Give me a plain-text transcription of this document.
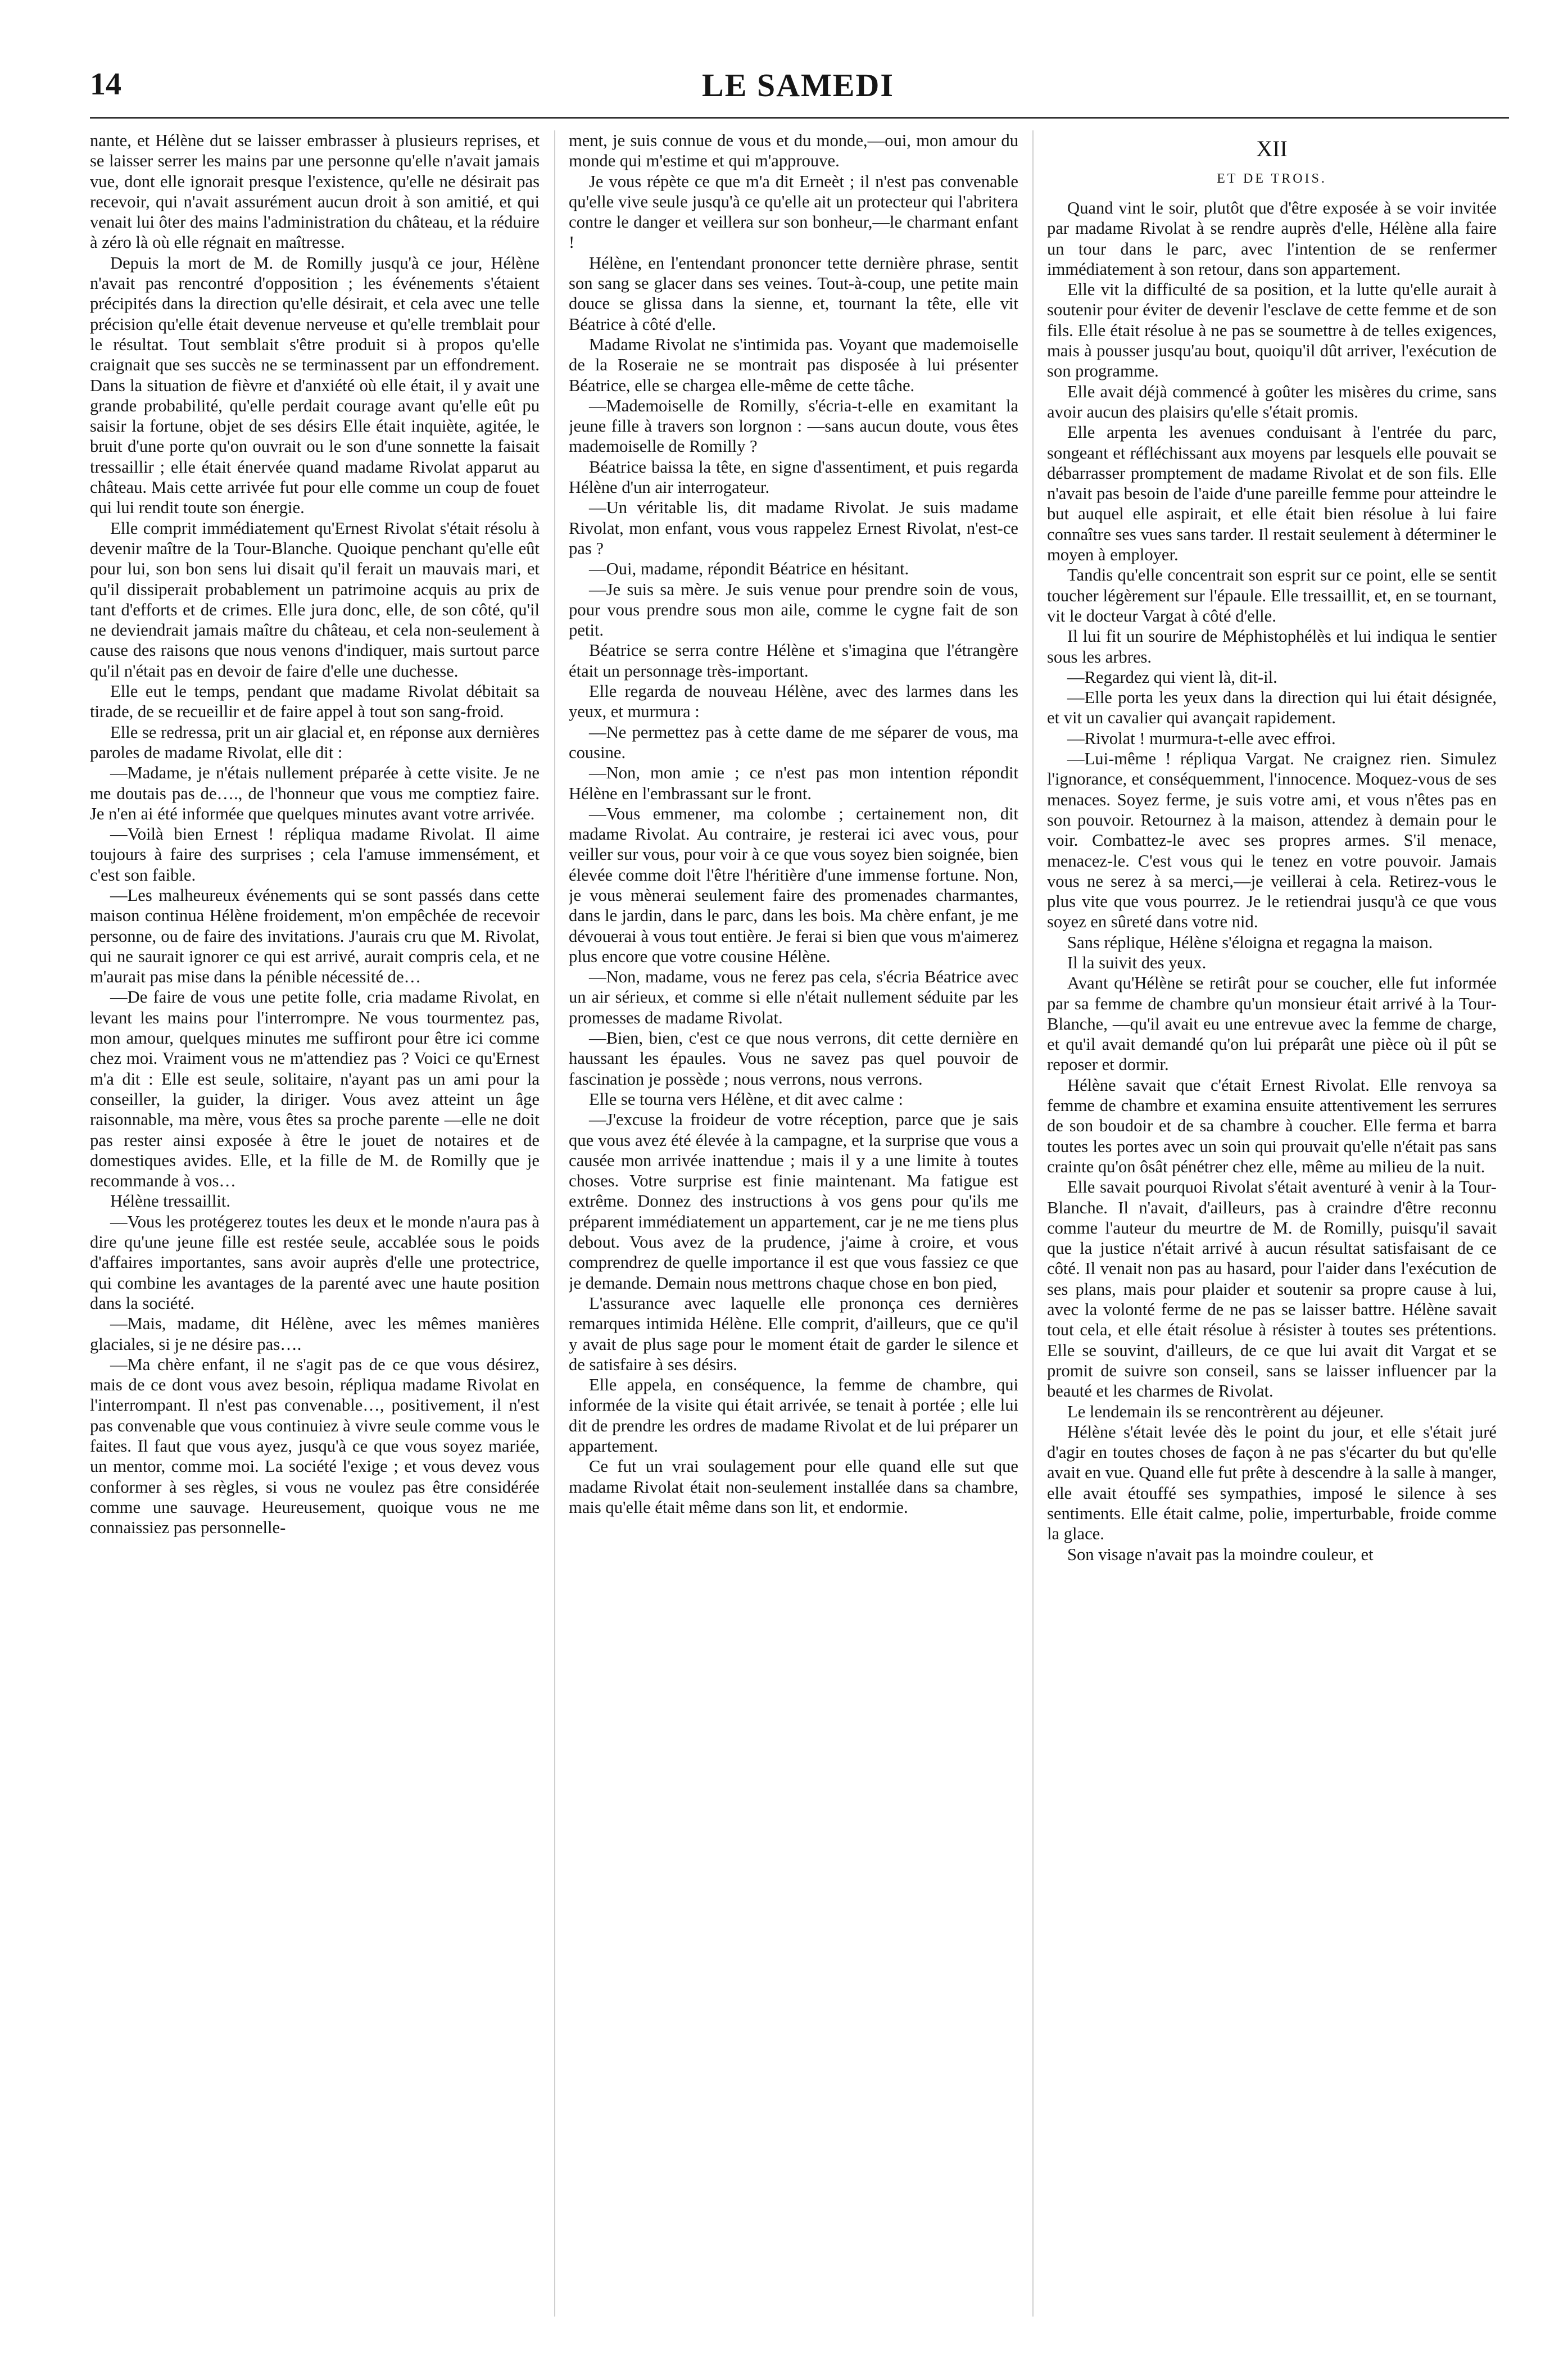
14	LE SAMEDI

nante, et Hélène dut se laisser embrasser à plusieurs reprises, et se laisser serrer les mains par une personne qu'elle n'avait jamais vue, dont elle ignorait presque l'existence, qu'elle ne désirait pas recevoir, qui n'avait assurément aucun droit à son amitié, et qui venait lui ôter des mains l'administration du château, et la réduire à zéro là où elle régnait en maîtresse.

Depuis la mort de M. de Romilly jusqu'à ce jour, Hélène n'avait pas rencontré d'opposition ; les événements s'étaient précipités dans la direction qu'elle désirait, et cela avec une telle précision qu'elle était devenue nerveuse et qu'elle tremblait pour le résultat. Tout semblait s'être produit si à propos qu'elle craignait que ses succès ne se terminassent par un effondrement. Dans la situation de fièvre et d'anxiété où elle était, il y avait une grande probabilité, qu'elle perdait courage avant qu'elle eût pu saisir la fortune, objet de ses désirs Elle était inquiète, agitée, le bruit d'une porte qu'on ouvrait ou le son d'une sonnette la faisait tressaillir ; elle était énervée quand madame Rivolat apparut au château. Mais cette arrivée fut pour elle comme un coup de fouet qui lui rendit toute son énergie.

Elle comprit immédiatement qu'Ernest Rivolat s'était résolu à devenir maître de la Tour-Blanche. Quoique penchant qu'elle eût pour lui, son bon sens lui disait qu'il ferait un mauvais mari, et qu'il dissiperait probablement un patrimoine acquis au prix de tant d'efforts et de crimes. Elle jura donc, elle, de son côté, qu'il ne deviendrait jamais maître du château, et cela non-seulement à cause des raisons que nous venons d'indiquer, mais surtout parce qu'il n'était pas en devoir de faire d'elle une duchesse.

Elle eut le temps, pendant que madame Rivolat débitait sa tirade, de se recueillir et de faire appel à tout son sang-froid.

Elle se redressa, prit un air glacial et, en réponse aux dernières paroles de madame Rivolat, elle dit :

—Madame, je n'étais nullement préparée à cette visite. Je ne me doutais pas de…., de l'honneur que vous me comptiez faire. Je n'en ai été informée que quelques minutes avant votre arrivée.

—Voilà bien Ernest ! répliqua madame Rivolat. Il aime toujours à faire des surprises ; cela l'amuse immensément, et c'est son faible.

—Les malheureux événements qui se sont passés dans cette maison continua Hélène froidement, m'on empêchée de recevoir personne, ou de faire des invitations. J'aurais cru que M. Rivolat, qui ne saurait ignorer ce qui est arrivé, aurait compris cela, et ne m'aurait pas mise dans la pénible nécessité de…

—De faire de vous une petite folle, cria madame Rivolat, en levant les mains pour l'interrompre. Ne vous tourmentez pas, mon amour, quelques minutes me suffiront pour être ici comme chez moi. Vraiment vous ne m'attendiez pas ? Voici ce qu'Ernest m'a dit : Elle est seule, solitaire, n'ayant pas un ami pour la conseiller, la guider, la diriger. Vous avez atteint un âge raisonnable, ma mère, vous êtes sa proche parente —elle ne doit pas rester ainsi exposée à être le jouet de notaires et de domestiques avides. Elle, et la fille de M. de Romilly que je recommande à vos…

Hélène tressaillit.

—Vous les protégerez toutes les deux et le monde n'aura pas à dire qu'une jeune fille est restée seule, accablée sous le poids d'affaires importantes, sans avoir auprès d'elle une protectrice, qui combine les avantages de la parenté avec une haute position dans la société.

—Mais, madame, dit Hélène, avec les mêmes manières glaciales, si je ne désire pas….

—Ma chère enfant, il ne s'agit pas de ce que vous désirez, mais de ce dont vous avez besoin, répliqua madame Rivolat en l'interrompant. Il n'est pas convenable…, positivement, il n'est pas convenable que vous continuiez à vivre seule comme vous le faites. Il faut que vous ayez, jusqu'à ce que vous soyez mariée, un mentor, comme moi. La société l'exige ; et vous devez vous conformer à ses règles, si vous ne voulez pas être considérée comme une sauvage. Heureusement, quoique vous ne me connaissiez pas personnelle-

ment, je suis connue de vous et du monde,—oui, mon amour du monde qui m'estime et qui m'approuve.

Je vous répète ce que m'a dit Erneèt ; il n'est pas convenable qu'elle vive seule jusqu'à ce qu'elle ait un protecteur qui l'abritera contre le danger et veillera sur son bonheur,—le charmant enfant !

Hélène, en l'entendant prononcer tette dernière phrase, sentit son sang se glacer dans ses veines. Tout-à-coup, une petite main douce se glissa dans la sienne, et, tournant la tête, elle vit Béatrice à côté d'elle.

Madame Rivolat ne s'intimida pas. Voyant que mademoiselle de la Roseraie ne se montrait pas disposée à lui présenter Béatrice, elle se chargea elle-même de cette tâche.

—Mademoiselle de Romilly, s'écria-t-elle en examitant la jeune fille à travers son lorgnon : —sans aucun doute, vous êtes mademoiselle de Romilly ?

Béatrice baissa la tête, en signe d'assentiment, et puis regarda Hélène d'un air interrogateur.

—Un véritable lis, dit madame Rivolat. Je suis madame Rivolat, mon enfant, vous vous rappelez Ernest Rivolat, n'est-ce pas ?

—Oui, madame, répondit Béatrice en hésitant.

—Je suis sa mère. Je suis venue pour prendre soin de vous, pour vous prendre sous mon aile, comme le cygne fait de son petit.

Béatrice se serra contre Hélène et s'imagina que l'étrangère était un personnage très-important.

Elle regarda de nouveau Hélène, avec des larmes dans les yeux, et murmura :

—Ne permettez pas à cette dame de me séparer de vous, ma cousine.

—Non, mon amie ; ce n'est pas mon intention répondit Hélène en l'embrassant sur le front.

—Vous emmener, ma colombe ; certainement non, dit madame Rivolat. Au contraire, je resterai ici avec vous, pour veiller sur vous, pour voir à ce que vous soyez bien soignée, bien élevée comme doit l'être l'héritière d'une immense fortune. Non, je vous mènerai seulement faire des promenades charmantes, dans le jardin, dans le parc, dans les bois. Ma chère enfant, je me dévouerai à vous tout entière. Je ferai si bien que vous m'aimerez plus encore que votre cousine Hélène.

—Non, madame, vous ne ferez pas cela, s'écria Béatrice avec un air sérieux, et comme si elle n'était nullement séduite par les promesses de madame Rivolat.

—Bien, bien, c'est ce que nous verrons, dit cette dernière en haussant les épaules. Vous ne savez pas quel pouvoir de fascination je possède ; nous verrons, nous verrons.

Elle se tourna vers Hélène, et dit avec calme :

—J'excuse la froideur de votre réception, parce que je sais que vous avez été élevée à la campagne, et la surprise que vous a causée mon arrivée inattendue ; mais il y a une limite à toutes choses. Votre surprise est finie maintenant. Ma fatigue est extrême. Donnez des instructions à vos gens pour qu'ils me préparent immédiatement un appartement, car je ne me tiens plus debout. Vous avez de la prudence, j'aime à croire, et vous comprendrez de quelle importance il est que vous fassiez ce que je demande. Demain nous mettrons chaque chose en bon pied,

L'assurance avec laquelle elle prononça ces dernières remarques intimida Hélène. Elle comprit, d'ailleurs, que ce qu'il y avait de plus sage pour le moment était de garder le silence et de satisfaire à ses désirs.

Elle appela, en conséquence, la femme de chambre, qui informée de la visite qui était arrivée, se tenait à portée ; elle lui dit de prendre les ordres de madame Rivolat et de lui préparer un appartement.

Ce fut un vrai soulagement pour elle quand elle sut que madame Rivolat était non-seulement installée dans sa chambre, mais qu'elle était même dans son lit, et endormie.

XII
ET DE TROIS.

Quand vint le soir, plutôt que d'être exposée à se voir invitée par madame Rivolat à se rendre auprès d'elle, Hélène alla faire un tour dans le parc, avec l'intention de se renfermer immédiatement à son retour, dans son appartement.

Elle vit la difficulté de sa position, et la lutte qu'elle aurait à soutenir pour éviter de devenir l'esclave de cette femme et de son fils. Elle était résolue à ne pas se soumettre à de telles exigences, mais à pousser jusqu'au bout, quoiqu'il dût arriver, l'exécution de son programme.

Elle avait déjà commencé à goûter les misères du crime, sans avoir aucun des plaisirs qu'elle s'était promis.

Elle arpenta les avenues conduisant à l'entrée du parc, songeant et réfléchissant aux moyens par lesquels elle pouvait se débarrasser promptement de madame Rivolat et de son fils. Elle n'avait pas besoin de l'aide d'une pareille femme pour atteindre le but auquel elle aspirait, et elle était bien résolue à lui faire connaître ses vues sans tarder. Il restait seulement à déterminer le moyen à employer.

Tandis qu'elle concentrait son esprit sur ce point, elle se sentit toucher légèrement sur l'épaule. Elle tressaillit, et, en se tournant, vit le docteur Vargat à côté d'elle.

Il lui fit un sourire de Méphistophélès et lui indiqua le sentier sous les arbres.

—Regardez qui vient là, dit-il.

—Elle porta les yeux dans la direction qui lui était désignée, et vit un cavalier qui avançait rapidement.

—Rivolat ! murmura-t-elle avec effroi.

—Lui-même ! répliqua Vargat. Ne craignez rien. Simulez l'ignorance, et conséquemment, l'innocence. Moquez-vous de ses menaces. Soyez ferme, je suis votre ami, et vous n'êtes pas en son pouvoir. Retournez à la maison, attendez à demain pour le voir. Combattez-le avec ses propres armes. S'il menace, menacez-le. C'est vous qui le tenez en votre pouvoir. Jamais vous ne serez à sa merci,—je veillerai à cela. Retirez-vous le plus vite que vous pourrez. Je le retiendrai jusqu'à ce que vous soyez en sûreté dans votre nid.

Sans réplique, Hélène s'éloigna et regagna la maison.

Il la suivit des yeux.

Avant qu'Hélène se retirât pour se coucher, elle fut informée par sa femme de chambre qu'un monsieur était arrivé à la Tour-Blanche, —qu'il avait eu une entrevue avec la femme de charge, et qu'il avait demandé qu'on lui préparât une pièce où il pût se reposer et dormir.

Hélène savait que c'était Ernest Rivolat. Elle renvoya sa femme de chambre et examina ensuite attentivement les serrures de son boudoir et de sa chambre à coucher. Elle ferma et barra toutes les portes avec un soin qui prouvait qu'elle n'était pas sans crainte qu'on ôsât pénétrer chez elle, même au milieu de la nuit.

Elle savait pourquoi Rivolat s'était aventuré à venir à la Tour-Blanche. Il n'avait, d'ailleurs, pas à craindre d'être reconnu comme l'auteur du meurtre de M. de Romilly, puisqu'il savait que la justice n'était arrivé à aucun résultat satisfaisant de ce côté. Il venait non pas au hasard, pour l'aider dans l'exécution de ses plans, mais pour plaider et soutenir sa propre cause à lui, avec la volonté ferme de ne pas se laisser battre. Hélène savait tout cela, et elle était résolue à résister à toutes ses prétentions. Elle se souvint, d'ailleurs, de ce que lui avait dit Vargat et se promit de suivre son conseil, sans se laisser influencer par la beauté et les charmes de Rivolat.

Le lendemain ils se rencontrèrent au déjeuner.

Hélène s'était levée dès le point du jour, et elle s'était juré d'agir en toutes choses de façon à ne pas s'écarter du but qu'elle avait en vue. Quand elle fut prête à descendre à la salle à manger, elle avait étouffé ses sympathies, imposé le silence à ses sentiments. Elle était calme, polie, imperturbable, froide comme la glace.

Son visage n'avait pas la moindre couleur, et
